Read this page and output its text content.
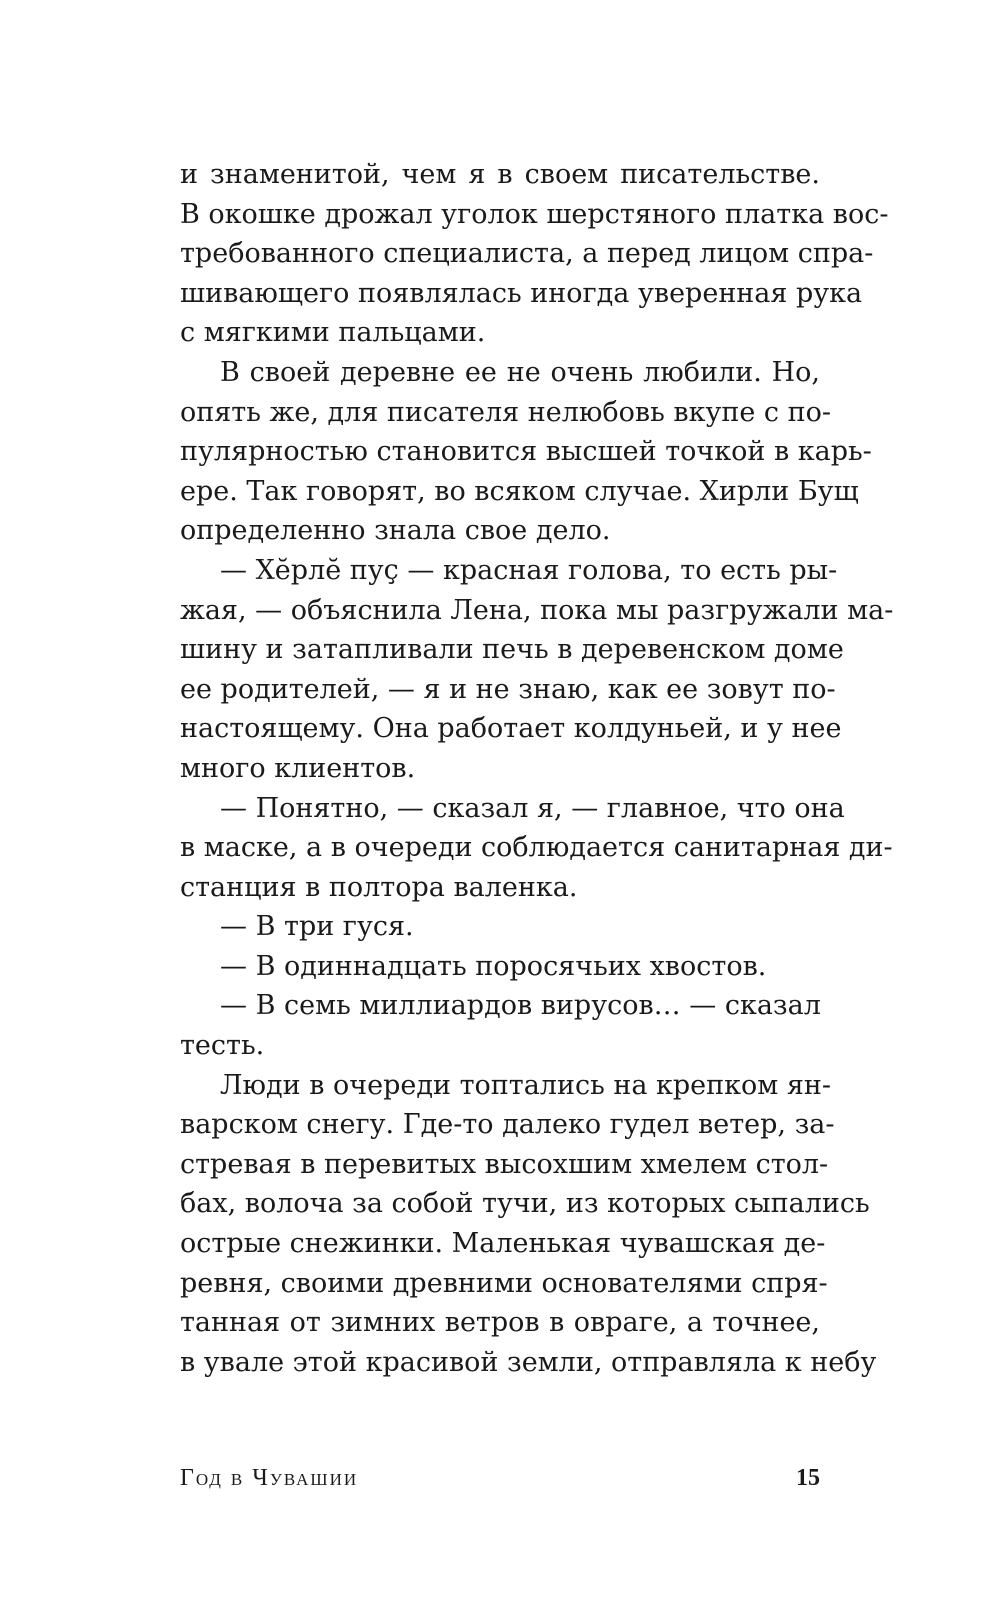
и знаменитой, чем я в своем писательстве.
В окошке дрожал уголок шерстяного платка вос-
требованного специалиста, а перед лицом спра-
шивающего появлялась иногда уверенная рука
с мягкими пальцами.
В своей деревне ее не очень любили. Но,
опять же, для писателя нелюбовь вкупе с по-
пулярностью становится высшей точкой в карь-
ере. Так говорят, во всяком случае. Хирли Бущ
определенно знала свое дело.
— Хĕрлĕ пуç — красная голова, то есть ры-
жая, — объяснила Лена, пока мы разгружали ма-
шину и затапливали печь в деревенском доме
ее родителей, — я и не знаю, как ее зовут по-
настоящему. Она работает колдуньей, и у нее
много клиентов.
— Понятно, — сказал я, — главное, что она
в маске, а в очереди соблюдается санитарная ди-
станция в полтора валенка.
— В три гуся.
— В одиннадцать поросячьих хвостов.
— В семь миллиардов вирусов… — сказал
тесть.
Люди в очереди топтались на крепком ян-
варском снегу. Где-то далеко гудел ветер, за-
стревая в перевитых высохшим хмелем стол-
бах, волоча за собой тучи, из которых сыпались
острые снежинки. Маленькая чувашская де-
ревня, своими древними основателями спря-
танная от зимних ветров в овраге, а точнее,
в увале этой красивой земли, отправляла к небу
Год в Чувашии	15
